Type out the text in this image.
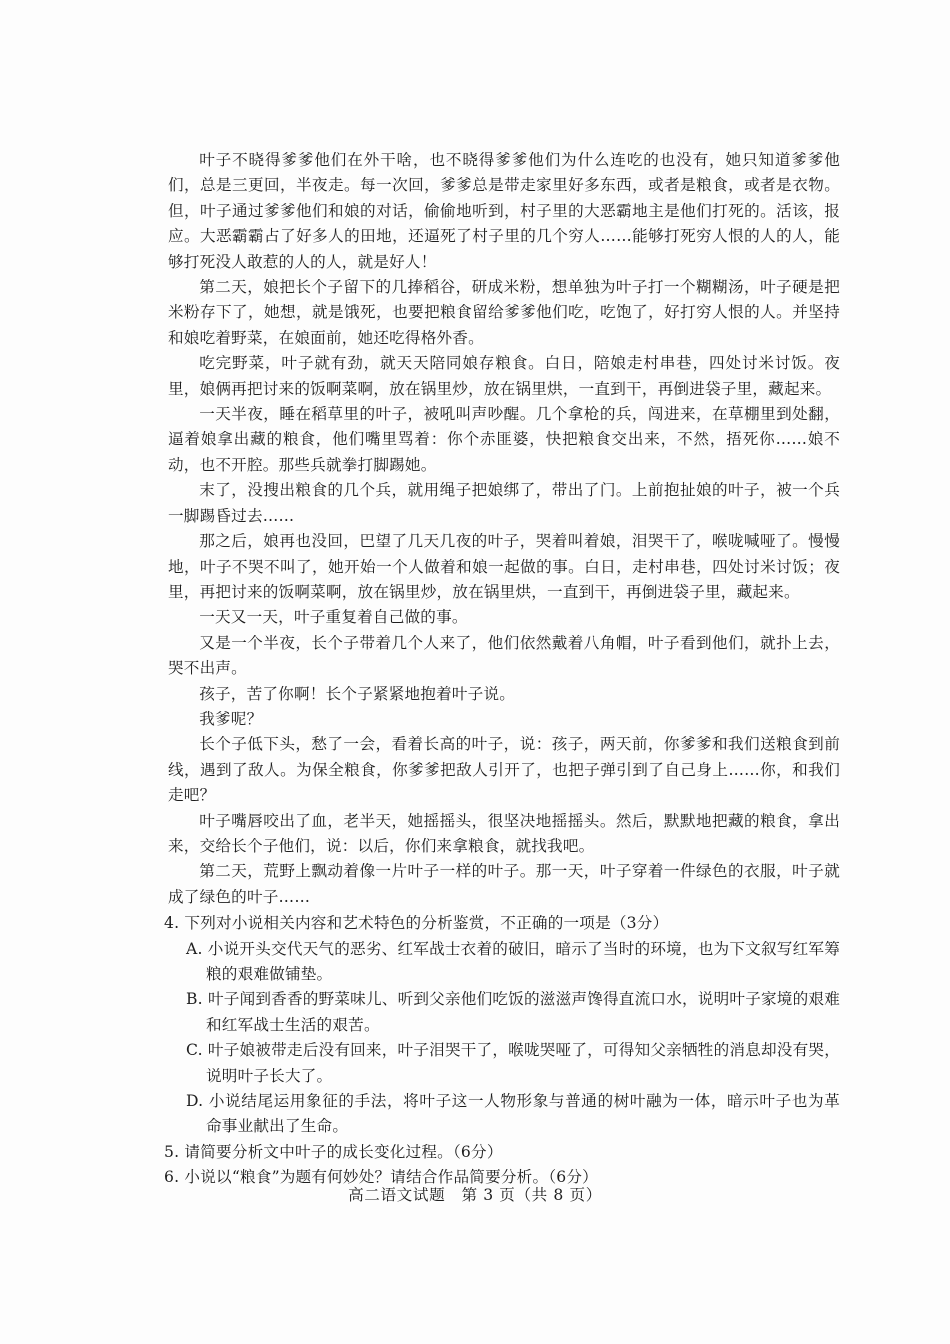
叶子不晓得爹爹他们在外干啥，也不晓得爹爹他们为什么连吃的也没有，她只知道爹爹他们，总是三更回，半夜走。每一次回，爹爹总是带走家里好多东西，或者是粮食，或者是衣物。但，叶子通过爹爹他们和娘的对话，偷偷地听到，村子里的大恶霸地主是他们打死的。活该，报应。大恶霸霸占了好多人的田地，还逼死了村子里的几个穷人……能够打死穷人恨的人的人，能够打死没人敢惹的人的人，就是好人！

第二天，娘把长个子留下的几捧稻谷，研成米粉，想单独为叶子打一个糊糊汤，叶子硬是把米粉存下了，她想，就是饿死，也要把粮食留给爹爹他们吃，吃饱了，好打穷人恨的人。并坚持和娘吃着野菜，在娘面前，她还吃得格外香。

吃完野菜，叶子就有劲，就天天陪同娘存粮食。白日，陪娘走村串巷，四处讨米讨饭。夜里，娘俩再把讨来的饭啊菜啊，放在锅里炒，放在锅里烘，一直到干，再倒进袋子里，藏起来。

一天半夜，睡在稻草里的叶子，被吼叫声吵醒。几个拿枪的兵，闯进来，在草棚里到处翻，逼着娘拿出藏的粮食，他们嘴里骂着：你个赤匪婆，快把粮食交出来，不然，捂死你……娘不动，也不开腔。那些兵就拳打脚踢她。

末了，没搜出粮食的几个兵，就用绳子把娘绑了，带出了门。上前抱扯娘的叶子，被一个兵一脚踢昏过去……

那之后，娘再也没回，巴望了几天几夜的叶子，哭着叫着娘，泪哭干了，喉咙喊哑了。慢慢地，叶子不哭不叫了，她开始一个人做着和娘一起做的事。白日，走村串巷，四处讨米讨饭；夜里，再把讨来的饭啊菜啊，放在锅里炒，放在锅里烘，一直到干，再倒进袋子里，藏起来。

一天又一天，叶子重复着自己做的事。

又是一个半夜，长个子带着几个人来了，他们依然戴着八角帽，叶子看到他们，就扑上去，哭不出声。

孩子，苦了你啊！长个子紧紧地抱着叶子说。

我爹呢？

长个子低下头，愁了一会，看着长高的叶子，说：孩子，两天前，你爹爹和我们送粮食到前线，遇到了敌人。为保全粮食，你爹爹把敌人引开了，也把子弹引到了自己身上……你，和我们走吧？

叶子嘴唇咬出了血，老半天，她摇摇头，很坚决地摇摇头。然后，默默地把藏的粮食，拿出来，交给长个子他们，说：以后，你们来拿粮食，就找我吧。

第二天，荒野上飘动着像一片叶子一样的叶子。那一天，叶子穿着一件绿色的衣服，叶子就成了绿色的叶子……

4. 下列对小说相关内容和艺术特色的分析鉴赏，不正确的一项是（3分）

A. 小说开头交代天气的恶劣、红军战士衣着的破旧，暗示了当时的环境，也为下文叙写红军筹粮的艰难做铺垫。

B. 叶子闻到香香的野菜味儿、听到父亲他们吃饭的滋滋声馋得直流口水，说明叶子家境的艰难和红军战士生活的艰苦。

C. 叶子娘被带走后没有回来，叶子泪哭干了，喉咙哭哑了，可得知父亲牺牲的消息却没有哭，说明叶子长大了。

D. 小说结尾运用象征的手法，将叶子这一人物形象与普通的树叶融为一体，暗示叶子也为革命事业献出了生命。

5. 请简要分析文中叶子的成长变化过程。（6分）

6. 小说以“粮食”为题有何妙处？请结合作品简要分析。（6分）

高二语文试题　第 3 页（共 8 页）
